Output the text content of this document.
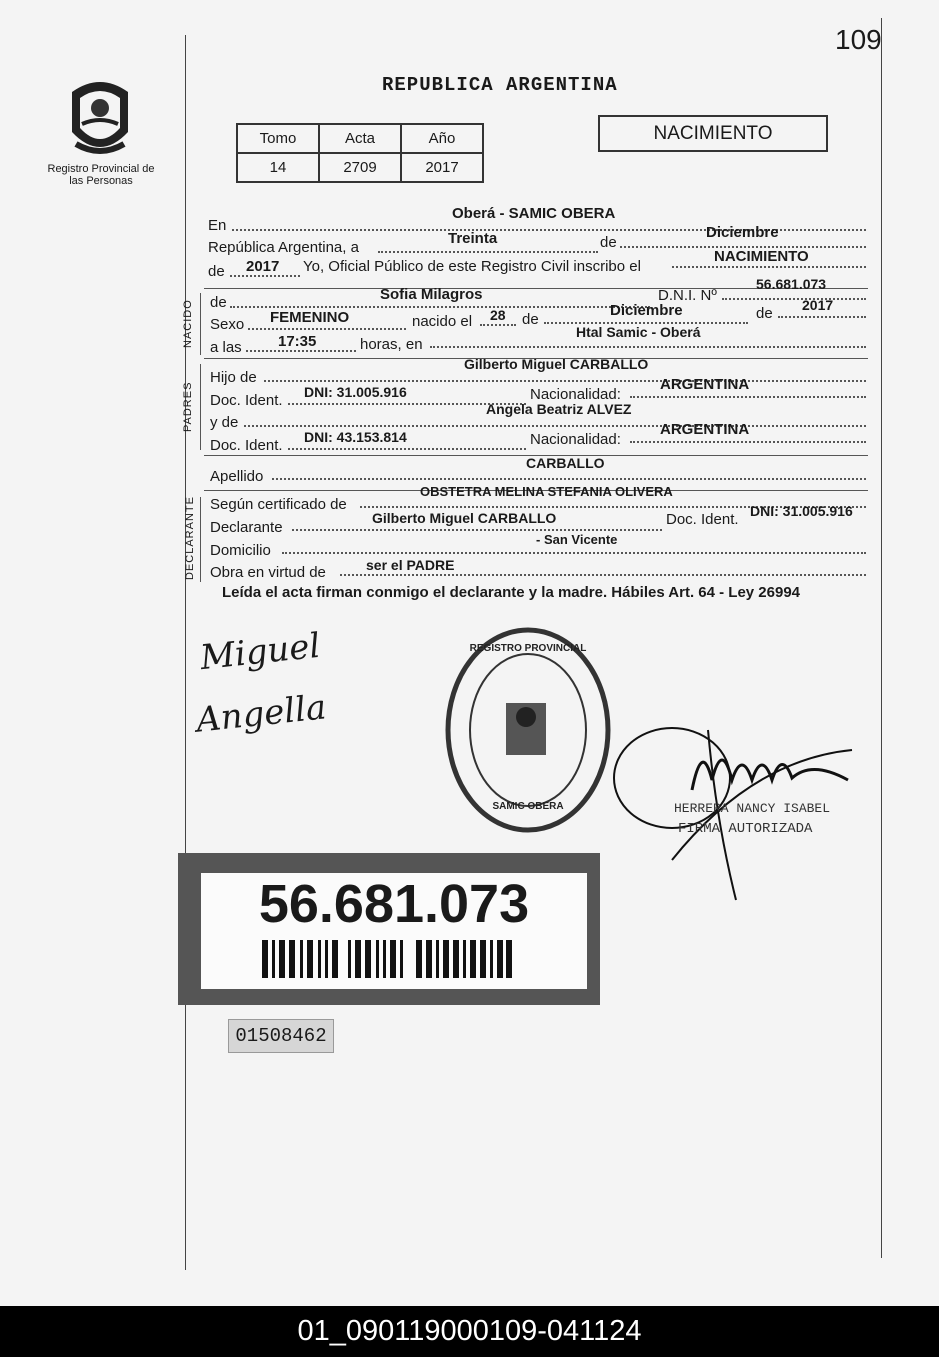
109
Registro Provincial de las Personas
REPUBLICA ARGENTINA
Tomo	Acta	Año
14	2709	2017
NACIMIENTO
En
Oberá - SAMIC OBERA
República Argentina, a
Treinta	de
Diciembre
de 2017 Yo, Oficial Público de este Registro Civil inscribo el
NACIMIENTO
NACIDO de	Sofia Milagros	D.N.I. Nº
56.681.073
Sexo FEMENINO	nacido el 28 de
Diciembre	de 2017
a las 17:35	horas, en
Htal Samic - Oberá
PADRES
Hijo de
Gilberto Miguel CARBALLO
Doc. Ident. DNI: 31.005.916	Nacionalidad:
ARGENTINA
y de
Angela Beatriz ALVEZ
Doc. Ident. DNI: 43.153.814	Nacionalidad:
ARGENTINA
Apellido
CARBALLO
DECLARANTE Según certificado de
OBSTETRA MELINA STEFANIA OLIVERA
Declarante
Gilberto Miguel CARBALLO	Doc. Ident. DNI: 31.005.916
Domicilio
- San Vicente
Obra en virtud de	ser el PADRE
Leída el acta firman conmigo el declarante y la madre. Hábiles Art. 64 - Ley 26994
Miguel
Angella
REGISTRO PROVINCIAL
SAMIC OBERA	HERRERA NANCY ISABEL
FIRMA AUTORIZADA
56.681.073
01508462
01_090119000109-041124
